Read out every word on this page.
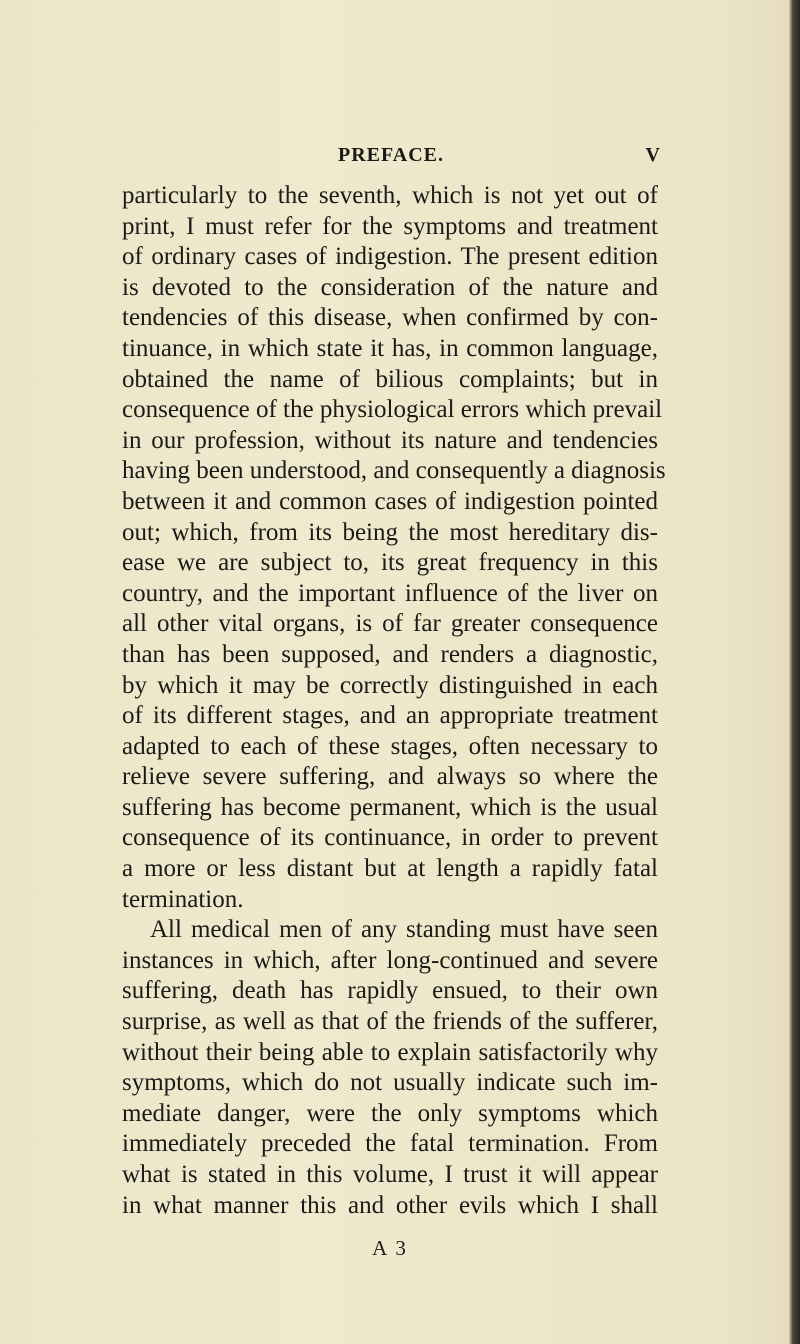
PREFACE.	V
particularly to the seventh, which is not yet out of
print, I must refer for the symptoms and treatment
of ordinary cases of indigestion. The present edition
is devoted to the consideration of the nature and
tendencies of this disease, when confirmed by con-
tinuance, in which state it has, in common language,
obtained the name of bilious complaints; but in
consequence of the physiological errors which prevail
in our profession, without its nature and tendencies
having been understood, and consequently a diagnosis
between it and common cases of indigestion pointed
out; which, from its being the most hereditary dis-
ease we are subject to, its great frequency in this
country, and the important influence of the liver on
all other vital organs, is of far greater consequence
than has been supposed, and renders a diagnostic,
by which it may be correctly distinguished in each
of its different stages, and an appropriate treatment
adapted to each of these stages, often necessary to
relieve severe suffering, and always so where the
suffering has become permanent, which is the usual
consequence of its continuance, in order to prevent
a more or less distant but at length a rapidly fatal
termination.
All medical men of any standing must have seen
instances in which, after long-continued and severe
suffering, death has rapidly ensued, to their own
surprise, as well as that of the friends of the sufferer,
without their being able to explain satisfactorily why
symptoms, which do not usually indicate such im-
mediate danger, were the only symptoms which
immediately preceded the fatal termination. From
what is stated in this volume, I trust it will appear
in what manner this and other evils which I shall
A 3
